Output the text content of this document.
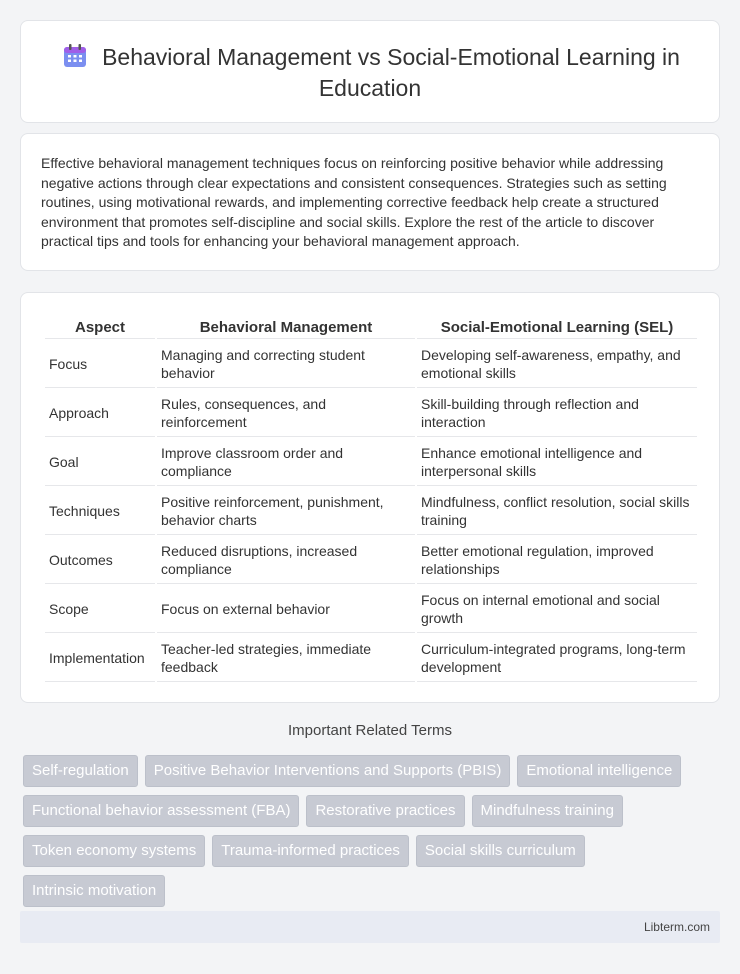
Behavioral Management vs Social-Emotional Learning in Education

Effective behavioral management techniques focus on reinforcing positive behavior while addressing negative actions through clear expectations and consistent consequences. Strategies such as setting routines, using motivational rewards, and implementing corrective feedback help create a structured environment that promotes self-discipline and social skills. Explore the rest of the article to discover practical tips and tools for enhancing your behavioral management approach.

Aspect	Behavioral Management	Social-Emotional Learning (SEL)
Focus	Managing and correcting student behavior	Developing self-awareness, empathy, and emotional skills
Approach	Rules, consequences, and reinforcement	Skill-building through reflection and interaction
Goal	Improve classroom order and compliance	Enhance emotional intelligence and interpersonal skills
Techniques	Positive reinforcement, punishment, behavior charts	Mindfulness, conflict resolution, social skills training
Outcomes	Reduced disruptions, increased compliance	Better emotional regulation, improved relationships
Scope	Focus on external behavior	Focus on internal emotional and social growth
Implementation	Teacher-led strategies, immediate feedback	Curriculum-integrated programs, long-term development
Important Related Terms
Self-regulation	Positive Behavior Interventions and Supports (PBIS)	Emotional intelligence
Functional behavior assessment (FBA)	Restorative practices	Mindfulness training
Token economy systems	Trauma-informed practices	Social skills curriculum
Intrinsic motivation
Libterm.com
